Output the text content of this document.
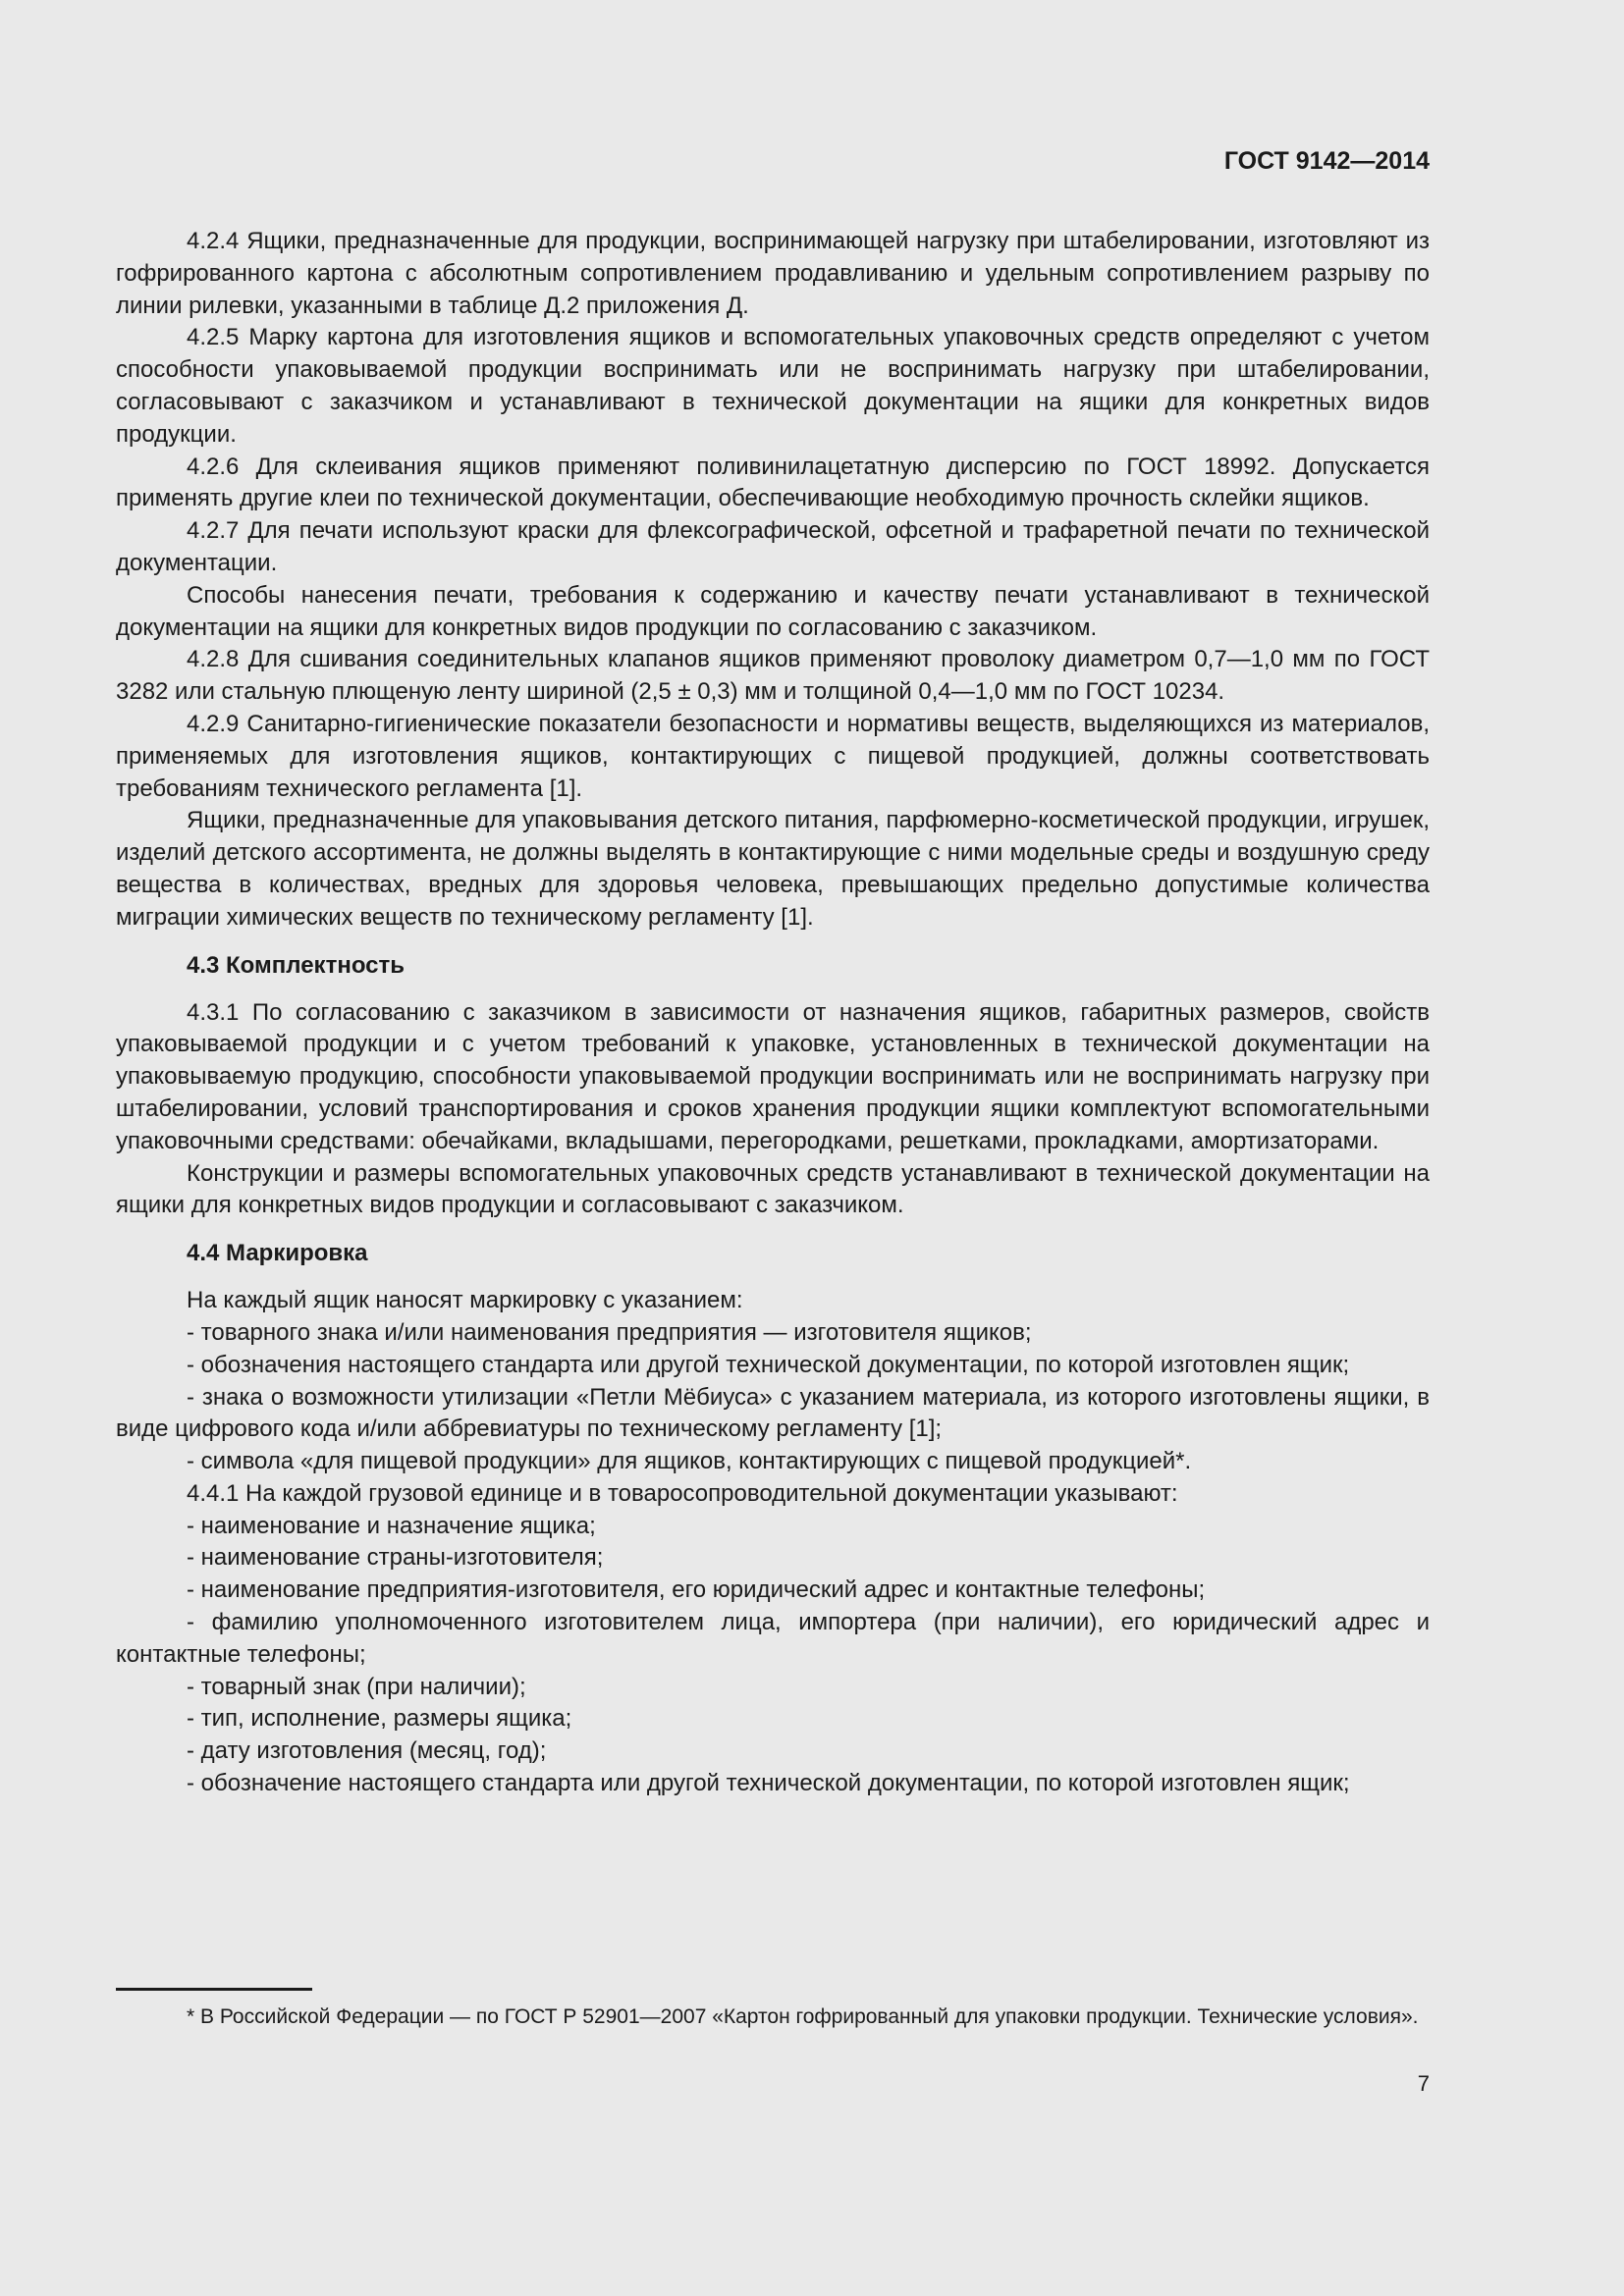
ГОСТ 9142—2014

4.2.4 Ящики, предназначенные для продукции, воспринимающей нагрузку при штабелировании, изготовляют из гофрированного картона с абсолютным сопротивлением продавливанию и удельным сопротивлением разрыву по линии рилевки, указанными в таблице Д.2 приложения Д.

4.2.5 Марку картона для изготовления ящиков и вспомогательных упаковочных средств определяют с учетом способности упаковываемой продукции воспринимать или не воспринимать нагрузку при штабелировании, согласовывают с заказчиком и устанавливают в технической документации на ящики для конкретных видов продукции.

4.2.6 Для склеивания ящиков применяют поливинилацетатную дисперсию по ГОСТ 18992. Допускается применять другие клеи по технической документации, обеспечивающие необходимую прочность склейки ящиков.

4.2.7 Для печати используют краски для флексографической, офсетной и трафаретной печати по технической документации.

Способы нанесения печати, требования к содержанию и качеству печати устанавливают в технической документации на ящики для конкретных видов продукции по согласованию с заказчиком.

4.2.8 Для сшивания соединительных клапанов ящиков применяют проволоку диаметром 0,7—1,0 мм по ГОСТ 3282 или стальную плющеную ленту шириной (2,5 ± 0,3) мм и толщиной 0,4—1,0 мм по ГОСТ 10234.

4.2.9 Санитарно-гигиенические показатели безопасности и нормативы веществ, выделяющихся из материалов, применяемых для изготовления ящиков, контактирующих с пищевой продукцией, должны соответствовать требованиям технического регламента [1].

Ящики, предназначенные для упаковывания детского питания, парфюмерно-косметической продукции, игрушек, изделий детского ассортимента, не должны выделять в контактирующие с ними модельные среды и воздушную среду вещества в количествах, вредных для здоровья человека, превышающих предельно допустимые количества миграции химических веществ по техническому регламенту [1].

4.3 Комплектность

4.3.1 По согласованию с заказчиком в зависимости от назначения ящиков, габаритных размеров, свойств упаковываемой продукции и с учетом требований к упаковке, установленных в технической документации на упаковываемую продукцию, способности упаковываемой продукции воспринимать или не воспринимать нагрузку при штабелировании, условий транспортирования и сроков хранения продукции ящики комплектуют вспомогательными упаковочными средствами: обечайками, вкладышами, перегородками, решетками, прокладками, амортизаторами.

Конструкции и размеры вспомогательных упаковочных средств устанавливают в технической документации на ящики для конкретных видов продукции и согласовывают с заказчиком.

4.4 Маркировка

На каждый ящик наносят маркировку с указанием:

- товарного знака и/или наименования предприятия — изготовителя ящиков;

- обозначения настоящего стандарта или другой технической документации, по которой изготовлен ящик;

- знака о возможности утилизации «Петли Мёбиуса» с указанием материала, из которого изготовлены ящики, в виде цифрового кода и/или аббревиатуры по техническому регламенту [1];

- символа «для пищевой продукции» для ящиков, контактирующих с пищевой продукцией*.

4.4.1 На каждой грузовой единице и в товаросопроводительной документации указывают:

- наименование и назначение ящика;

- наименование страны-изготовителя;

- наименование предприятия-изготовителя, его юридический адрес и контактные телефоны;

- фамилию уполномоченного изготовителем лица, импортера (при наличии), его юридический адрес и контактные телефоны;

- товарный знак (при наличии);

- тип, исполнение, размеры ящика;

- дату изготовления (месяц, год);

- обозначение настоящего стандарта или другой технической документации, по которой изготовлен ящик;

* В Российской Федерации — по ГОСТ Р 52901—2007 «Картон гофрированный для упаковки продукции. Технические условия».
7
